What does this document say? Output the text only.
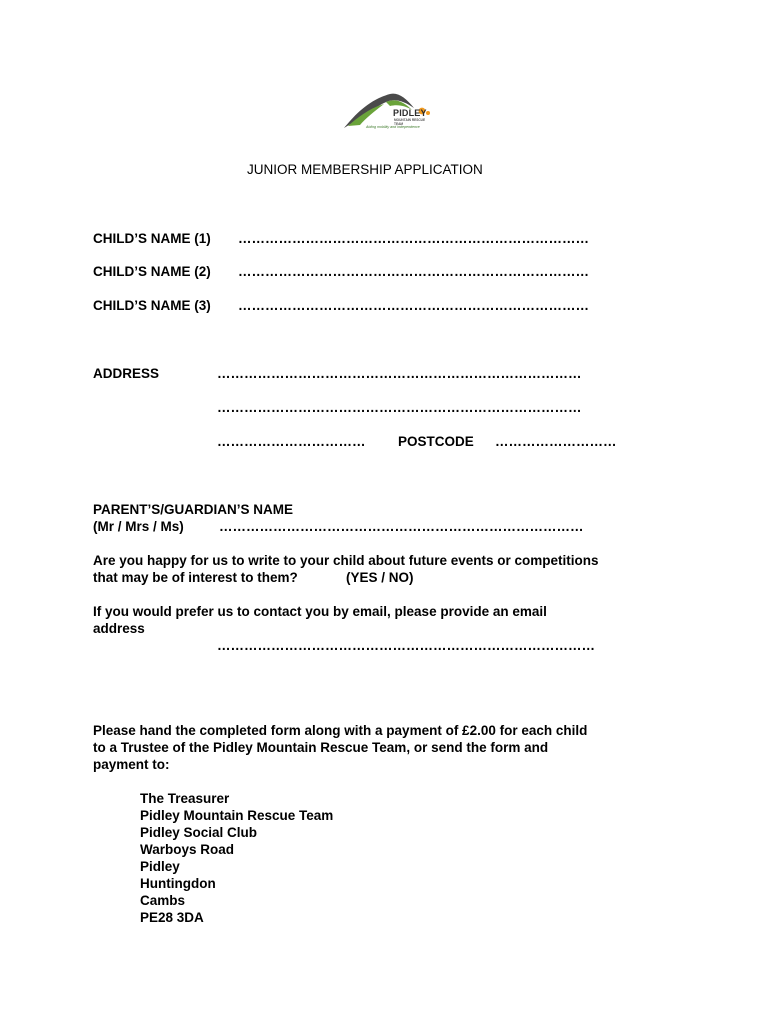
PIDLEY
MOUNTAIN RESCUE TEAM
Aiding mobility and independence
JUNIOR MEMBERSHIP APPLICATION
CHILD’S NAME (1) ……………………………………………………………………
CHILD’S NAME (2) ……………………………………………………………………
CHILD’S NAME (3) ……………………………………………………………………
ADDRESS	………………………………………………………………………
………………………………………………………………………
…………………………… POSTCODE ………………………
PARENT’S/GUARDIAN’S NAME
(Mr / Mrs / Ms)	………………………………………………………………………
Are you happy for us to write to your child about future events or competitions
that may be of interest to them?	(YES / NO)
If you would prefer us to contact you by email, please provide an email
address
…………………………………………………………………………
Please hand the completed form along with a payment of £2.00 for each child
to a Trustee of the Pidley Mountain Rescue Team, or send the form and
payment to:
The Treasurer
Pidley Mountain Rescue Team
Pidley Social Club
Warboys Road
Pidley
Huntingdon
Cambs
PE28 3DA
